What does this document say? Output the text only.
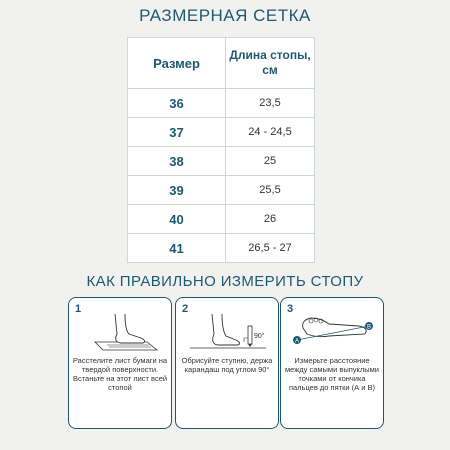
РАЗМЕРНАЯ СЕТКА
Размер	Длина стопы, см
36	23,5
37	24 - 24,5
38	25
39	25,5
40	26
41	26,5 - 27
КАК ПРАВИЛЬНО ИЗМЕРИТЬ СТОПУ
1
Расстелите лист бумаги на твердой поверхности. Встаньте на этот лист всей стопой
2
90°
Обрисуйте ступню, держа карандаш под углом 90°
3
A
B
Измерьте расстояние между самыми выпуклыми точками от кончика пальцев до пятки (А и В)
